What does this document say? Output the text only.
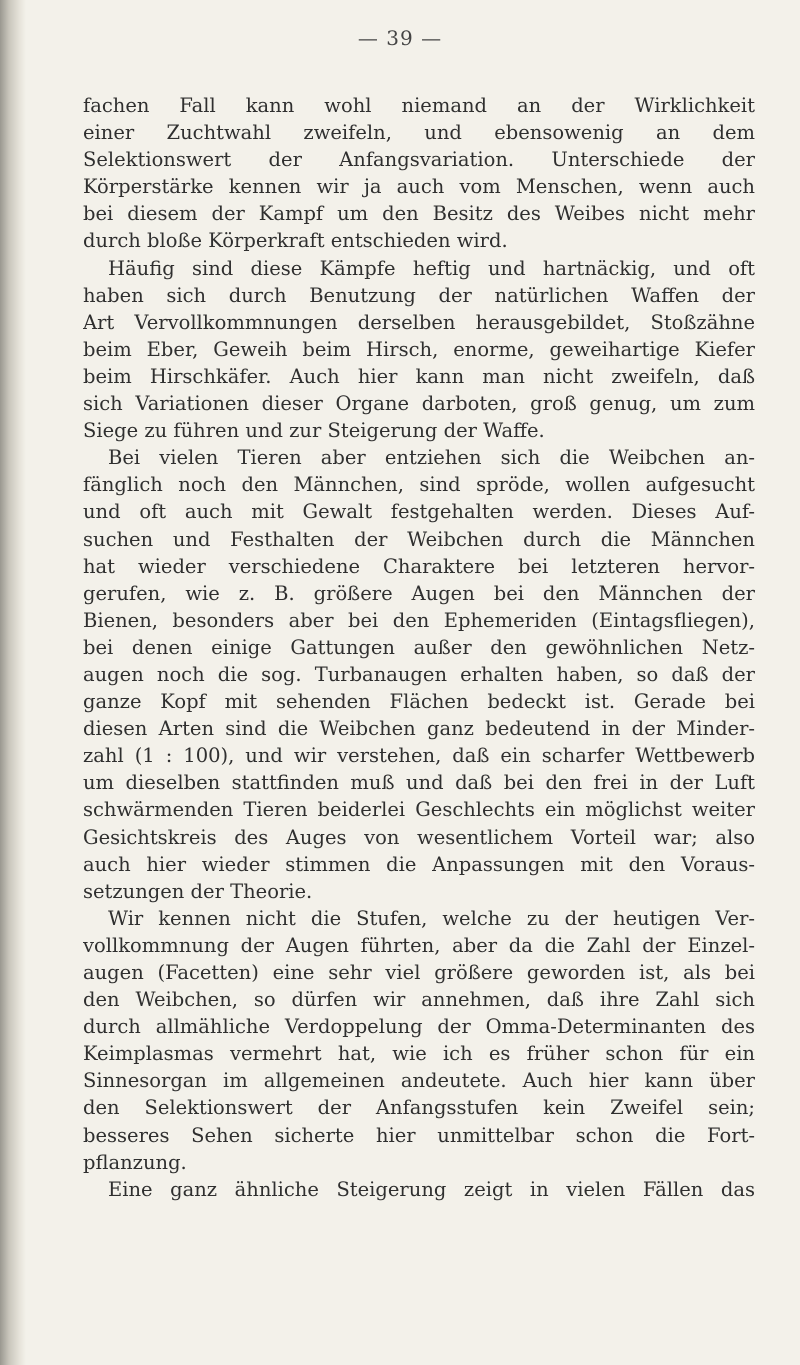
— 39 —
fachen Fall kann wohl niemand an der Wirklichkeit
einer Zuchtwahl zweifeln, und ebensowenig an dem
Selektionswert der Anfangsvariation. Unterschiede der
Körperstärke kennen wir ja auch vom Menschen, wenn auch
bei diesem der Kampf um den Besitz des Weibes nicht mehr
durch bloße Körperkraft entschieden wird.
Häufig sind diese Kämpfe heftig und hartnäckig, und oft
haben sich durch Benutzung der natürlichen Waffen der
Art Vervollkommnungen derselben herausgebildet, Stoßzähne
beim Eber, Geweih beim Hirsch, enorme, geweihartige Kiefer
beim Hirschkäfer. Auch hier kann man nicht zweifeln, daß
sich Variationen dieser Organe darboten, groß genug, um zum
Siege zu führen und zur Steigerung der Waffe.
Bei vielen Tieren aber entziehen sich die Weibchen an-
fänglich noch den Männchen, sind spröde, wollen aufgesucht
und oft auch mit Gewalt festgehalten werden. Dieses Auf-
suchen und Festhalten der Weibchen durch die Männchen
hat wieder verschiedene Charaktere bei letzteren hervor-
gerufen, wie z. B. größere Augen bei den Männchen der
Bienen, besonders aber bei den Ephemeriden (Eintagsfliegen),
bei denen einige Gattungen außer den gewöhnlichen Netz-
augen noch die sog. Turbanaugen erhalten haben, so daß der
ganze Kopf mit sehenden Flächen bedeckt ist. Gerade bei
diesen Arten sind die Weibchen ganz bedeutend in der Minder-
zahl (1 : 100), und wir verstehen, daß ein scharfer Wettbewerb
um dieselben stattfinden muß und daß bei den frei in der Luft
schwärmenden Tieren beiderlei Geschlechts ein möglichst weiter
Gesichtskreis des Auges von wesentlichem Vorteil war; also
auch hier wieder stimmen die Anpassungen mit den Voraus-
setzungen der Theorie.
Wir kennen nicht die Stufen, welche zu der heutigen Ver-
vollkommnung der Augen führten, aber da die Zahl der Einzel-
augen (Facetten) eine sehr viel größere geworden ist, als bei
den Weibchen, so dürfen wir annehmen, daß ihre Zahl sich
durch allmähliche Verdoppelung der Omma-Determinanten des
Keimplasmas vermehrt hat, wie ich es früher schon für ein
Sinnesorgan im allgemeinen andeutete. Auch hier kann über
den Selektionswert der Anfangsstufen kein Zweifel sein;
besseres Sehen sicherte hier unmittelbar schon die Fort-
pflanzung.
Eine ganz ähnliche Steigerung zeigt in vielen Fällen das
